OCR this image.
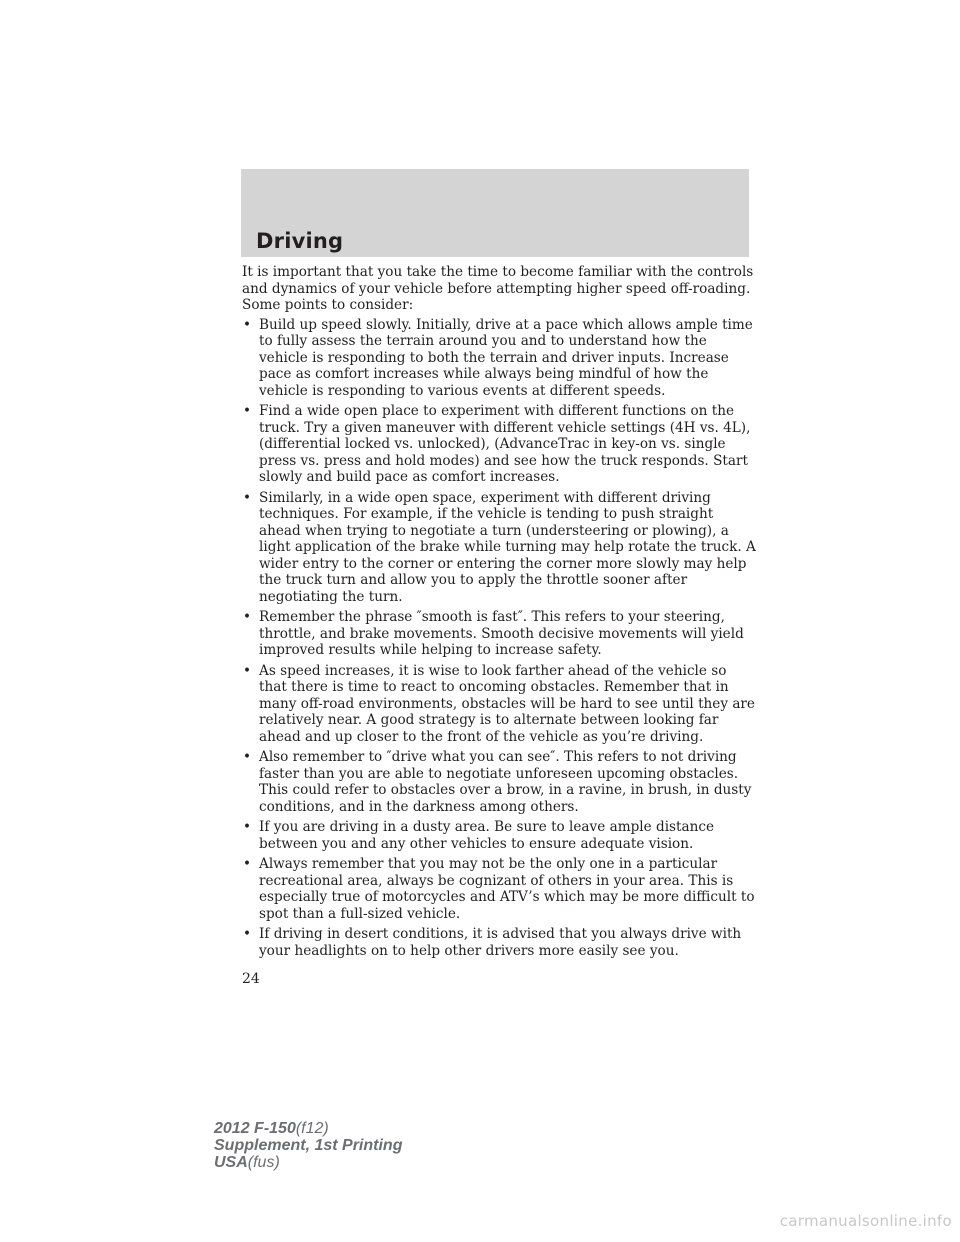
Driving

It is important that you take the time to become familiar with the controls and dynamics of your vehicle before attempting higher speed off-roading. Some points to consider:

• Build up speed slowly. Initially, drive at a pace which allows ample time to fully assess the terrain around you and to understand how the vehicle is responding to both the terrain and driver inputs. Increase pace as comfort increases while always being mindful of how the vehicle is responding to various events at different speeds.
• Find a wide open place to experiment with different functions on the truck. Try a given maneuver with different vehicle settings (4H vs. 4L), (differential locked vs. unlocked), (AdvanceTrac in key-on vs. single press vs. press and hold modes) and see how the truck responds. Start slowly and build pace as comfort increases.
• Similarly, in a wide open space, experiment with different driving techniques. For example, if the vehicle is tending to push straight ahead when trying to negotiate a turn (understeering or plowing), a light application of the brake while turning may help rotate the truck. A wider entry to the corner or entering the corner more slowly may help the truck turn and allow you to apply the throttle sooner after negotiating the turn.
• Remember the phrase ″smooth is fast″. This refers to your steering, throttle, and brake movements. Smooth decisive movements will yield improved results while helping to increase safety.
• As speed increases, it is wise to look farther ahead of the vehicle so that there is time to react to oncoming obstacles. Remember that in many off-road environments, obstacles will be hard to see until they are relatively near. A good strategy is to alternate between looking far ahead and up closer to the front of the vehicle as you’re driving.
• Also remember to ″drive what you can see″. This refers to not driving faster than you are able to negotiate unforeseen upcoming obstacles. This could refer to obstacles over a brow, in a ravine, in brush, in dusty conditions, and in the darkness among others.
• If you are driving in a dusty area. Be sure to leave ample distance between you and any other vehicles to ensure adequate vision.
• Always remember that you may not be the only one in a particular recreational area, always be cognizant of others in your area. This is especially true of motorcycles and ATV’s which may be more difficult to spot than a full-sized vehicle.
• If driving in desert conditions, it is advised that you always drive with your headlights on to help other drivers more easily see you.
24
2012 F-150(f12)
Supplement, 1st Printing
USA(fus)
carmanualsonline.info
